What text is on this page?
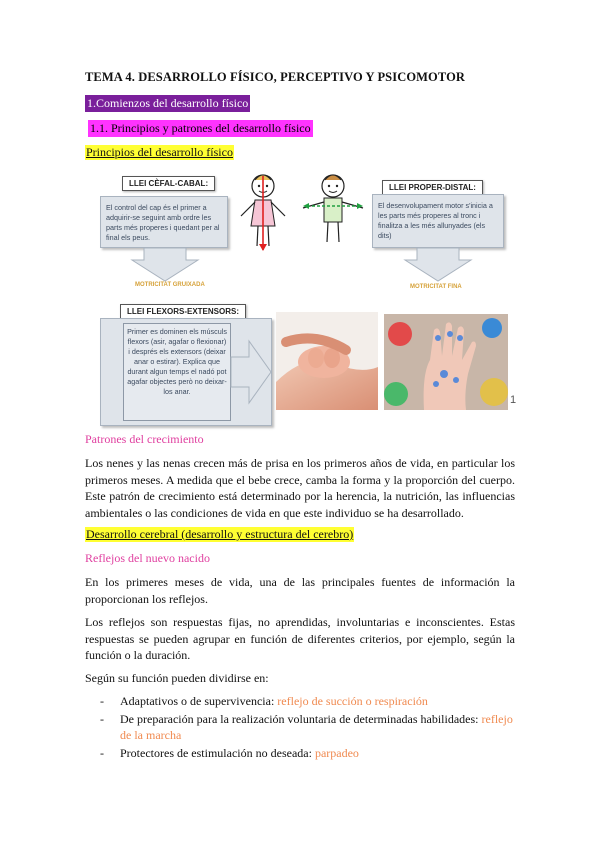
TEMA 4. DESARROLLO FÍSICO, PERCEPTIVO Y PSICOMOTOR
1.Comienzos del desarrollo físico
1.1. Principios y patrones del desarrollo físico
Principios del desarrollo físico
LLEI CÈFAL-CABAL:
El control del cap és el primer a adquirir-se seguint amb ordre les parts més properes i quedant per al final els peus.
MOTRICITAT GRUIXADA
LLEI PROPER-DISTAL:
El desenvolupament motor s'inicia a les parts més properes al tronc i finalitza a les més allunyades (els dits)
MOTRICITAT FINA
LLEI FLEXORS-EXTENSORS:
Primer es dominen els músculs flexors (asir, agafar o flexionar) i després els extensors (deixar anar o estirar). Explica que durant algun temps el nadó pot agafar objectes però no deixar-los anar.
1
Patrones del crecimiento
Los nenes y las nenas crecen más de prisa en los primeros años de vida, en particular los primeros meses. A medida que el bebe crece, camba la forma y la proporción del cuerpo. Este patrón de crecimiento está determinado por la herencia, la nutrición, las influencias ambientales o las condiciones de vida en que este individuo se ha desarrollado.
Desarrollo cerebral (desarrollo y estructura del cerebro)
Reflejos del nuevo nacido
En los primeres meses de vida, una de las principales fuentes de información la proporcionan los reflejos.
Los reflejos son respuestas fijas, no aprendidas, involuntarias e inconscientes. Estas respuestas se pueden agrupar en función de diferentes criterios, por ejemplo, según la función o la duración.
Según su función pueden dividirse en:
- Adaptativos o de supervivencia: reflejo de succión o respiración
- De preparación para la realización voluntaria de determinadas habilidades: reflejo de la marcha
- Protectores de estimulación no deseada: parpadeo
